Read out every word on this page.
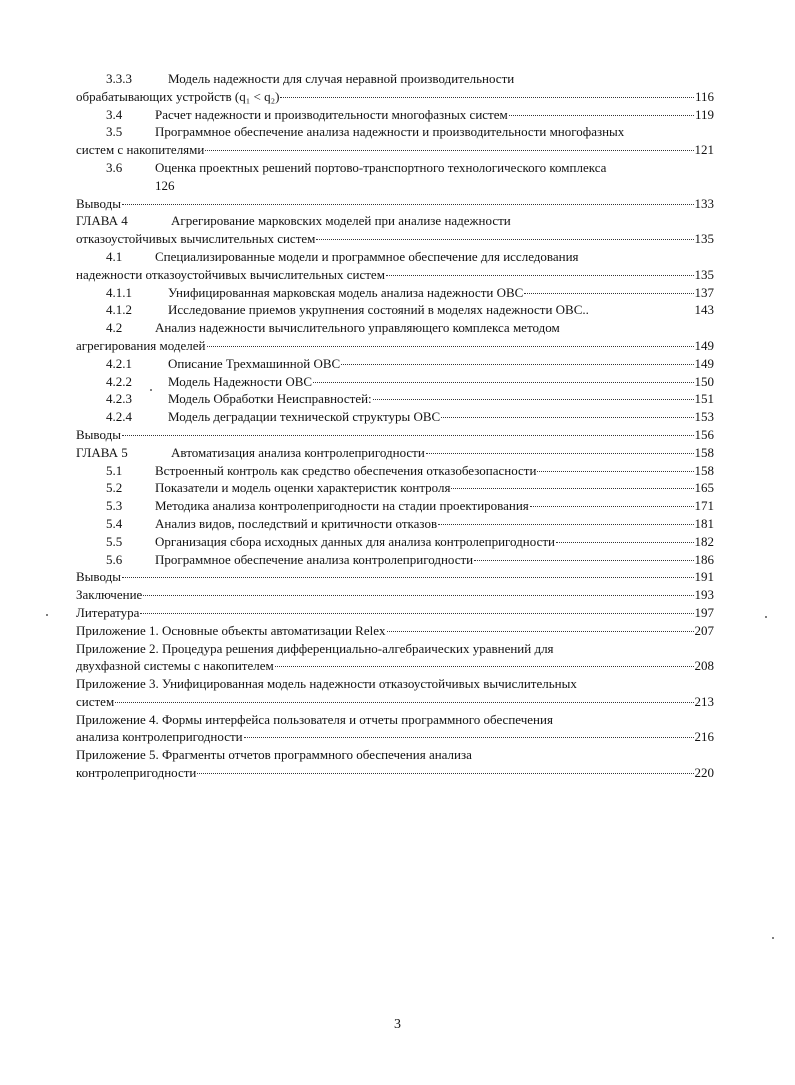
3.3.3	Модель надежности для случая неравной производительности
обрабатывающих устройств (q₁ < q₂)	116
3.4	Расчет надежности и производительности многофазных систем	119
3.5	Программное обеспечение анализа надежности и производительности многофазных
систем с накопителями	121
3.6	Оценка проектных решений портово-транспортного технологического комплекса
126
Выводы	133
ГЛАВА 4	Агрегирование марковских моделей при анализе надежности
отказоустойчивых вычислительных систем	135
4.1	Специализированные модели и программное обеспечение для исследования
надежности отказоустойчивых вычислительных систем	135
4.1.1	Унифицированная марковская модель анализа надежности ОВС	137
4.1.2	Исследование приемов укрупнения состояний в моделях надежности ОВС..	143
4.2	Анализ надежности вычислительного управляющего комплекса методом
агрегирования моделей	149
4.2.1	Описание Трехмашинной ОВС	149
4.2.2	Модель Надежности ОВС	150
4.2.3	Модель Обработки Неисправностей:	151
4.2.4	Модель деградации технической структуры ОВС	153
Выводы	156
ГЛАВА 5	Автоматизация анализа контролепригодности	158
5.1	Встроенный контроль как средство обеспечения отказобезопасности	158
5.2	Показатели и модель оценки характеристик контроля	165
5.3	Методика анализа контролепригодности на стадии проектирования	171
5.4	Анализ видов, последствий и критичности отказов	181
5.5	Организация сбора исходных данных для анализа контролепригодности	182
5.6	Программное обеспечение анализа контролепригодности	186
Выводы	191
Заключение	193
Литература	197
Приложение 1. Основные объекты автоматизации Relex	207
Приложение 2. Процедура решения дифференциально-алгебраических уравнений для
двухфазной системы с накопителем	208
Приложение 3. Унифицированная модель надежности отказоустойчивых вычислительных
систем	213
Приложение 4. Формы интерфейса пользователя и отчеты программного обеспечения
анализа контролепригодности	216
Приложение 5. Фрагменты отчетов программного обеспечения анализа
контролепригодности	220
3
